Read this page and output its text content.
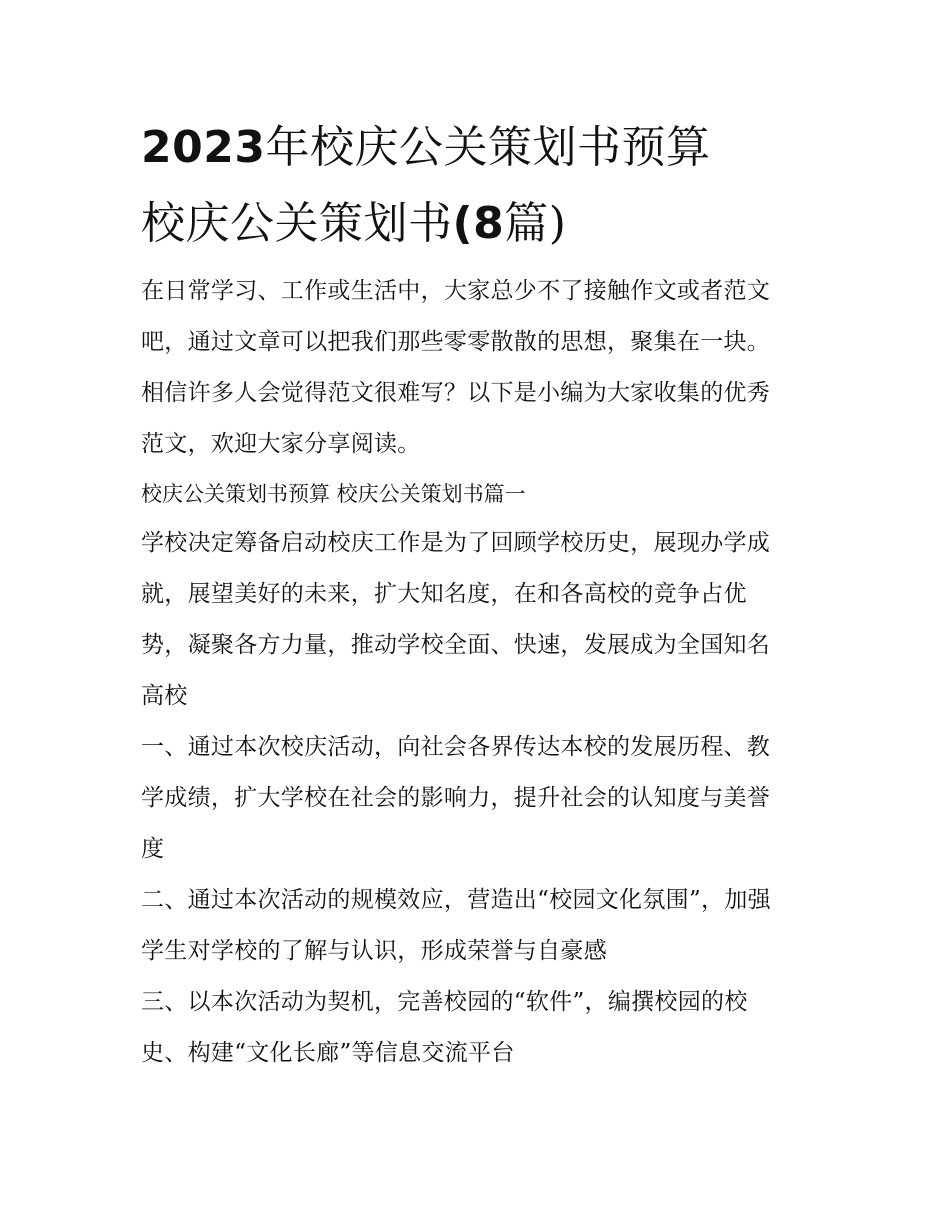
2023年校庆公关策划书预算
校庆公关策划书(8篇)

在日常学习、工作或生活中，大家总少不了接触作文或者范文

吧，通过文章可以把我们那些零零散散的思想，聚集在一块。

相信许多人会觉得范文很难写？以下是小编为大家收集的优秀

范文，欢迎大家分享阅读。

校庆公关策划书预算 校庆公关策划书篇一

学校决定筹备启动校庆工作是为了回顾学校历史，展现办学成

就，展望美好的未来，扩大知名度，在和各高校的竞争占优

势，凝聚各方力量，推动学校全面、快速，发展成为全国知名

高校

一、通过本次校庆活动，向社会各界传达本校的发展历程、教

学成绩，扩大学校在社会的影响力，提升社会的认知度与美誉

度

二、通过本次活动的规模效应，营造出“校园文化氛围”，加强

学生对学校的了解与认识，形成荣誉与自豪感

三、以本次活动为契机，完善校园的“软件”，编撰校园的校

史、构建“文化长廊”等信息交流平台
